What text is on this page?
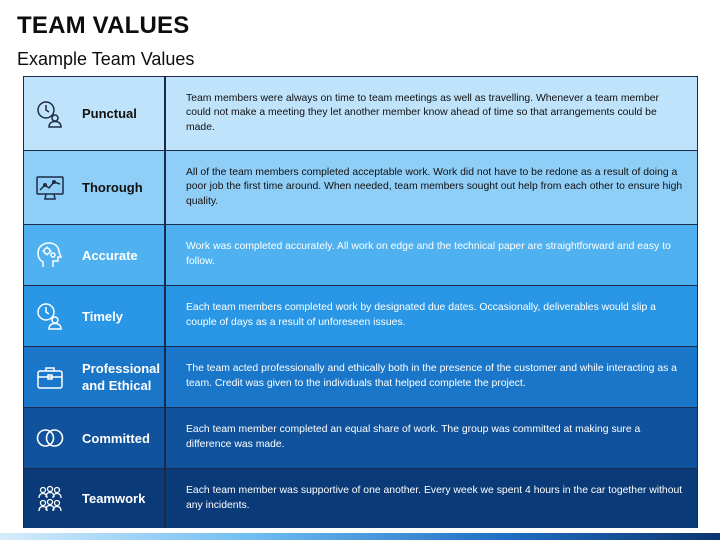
TEAM VALUES
Example Team Values
Punctual
Team members were always on time to team meetings as well as travelling. Whenever a team member could not make a meeting they let another member know ahead of time so that arrangements could be made.
Thorough
All of the team members completed acceptable work. Work did not have to be redone as a result of doing a poor job the first time around. When needed, team members sought out help from each other to ensure high quality.
Accurate
Work was completed accurately. All work on edge and the technical paper are straightforward and easy to follow.
Timely
Each team members completed work by designated due dates. Occasionally, deliverables would slip a couple of days as a result of unforeseen issues.
Professional and Ethical
The team acted professionally and ethically both in the presence of the customer and while interacting as a team. Credit was given to the individuals that helped complete the project.
Committed
Each team member completed an equal share of work. The group was committed at making sure a difference was made.
Teamwork
Each team member was supportive of one another. Every week we spent 4 hours in the car together without any incidents.
